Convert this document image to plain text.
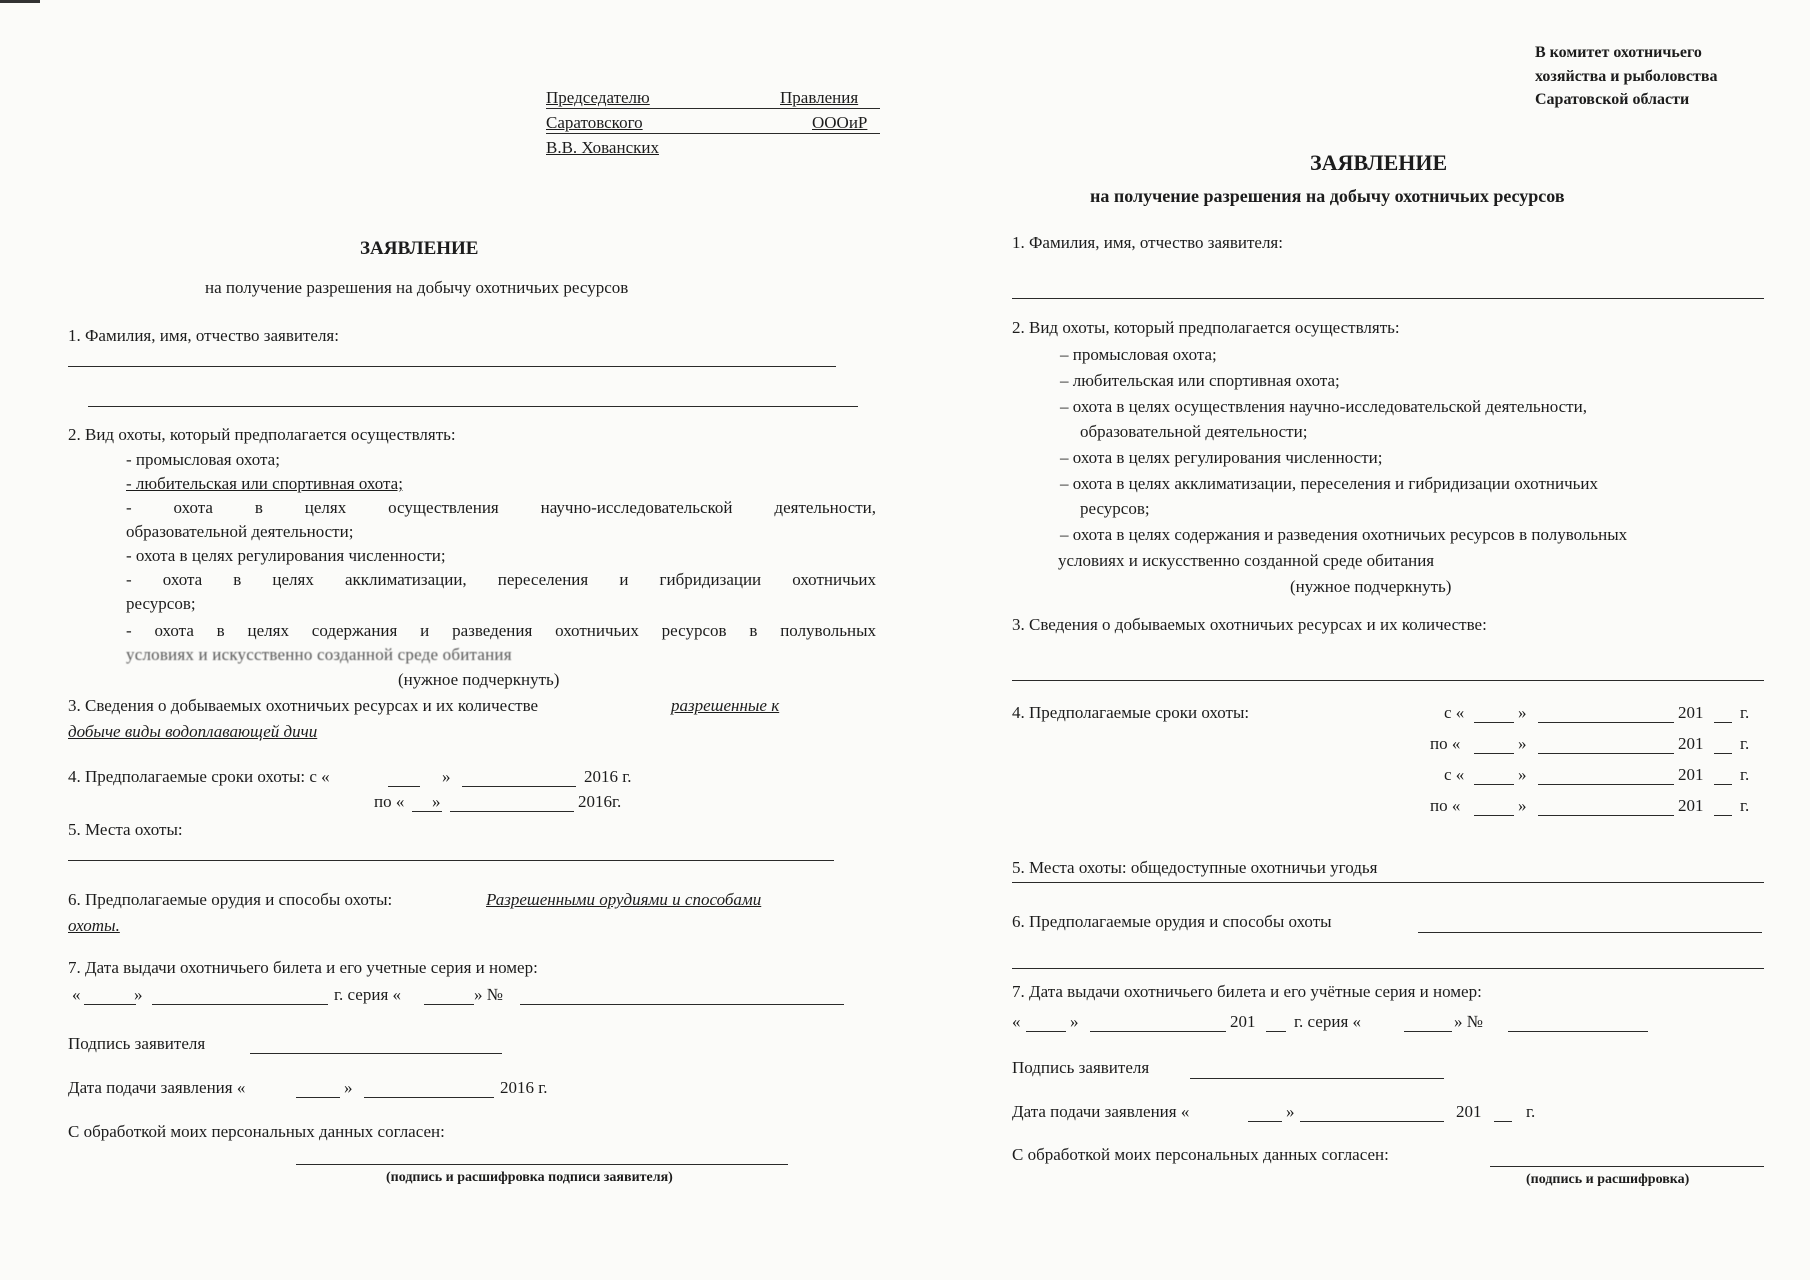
Председателю	Правления
Саратовского	ОООиР
В.В. Хованских
ЗАЯВЛЕНИЕ
на получение разрешения на добычу охотничьих ресурсов
1. Фамилия, имя, отчество заявителя:
2. Вид охоты, который предполагается осуществлять:
- промысловая охота;
- любительская или спортивная охота;
- охота в целях осуществления научно-исследовательской деятельности,
образовательной деятельности;
- охота в целях регулирования численности;
- охота в целях акклиматизации, переселения и гибридизации охотничьих
ресурсов;
- охота в целях содержания и разведения охотничьих ресурсов в полувольных
условиях и искусственно созданной среде обитания
(нужное подчеркнуть)
3. Сведения о добываемых охотничьих ресурсах и их количестве	разрешенные к
добыче виды водоплавающей дичи
4. Предполагаемые сроки охоты: с «	»	2016 г.
по « »	2016г.
5. Места охоты:
6. Предполагаемые орудия и способы охоты:	Разрешенными орудиями и способами
охоты.
7. Дата выдачи охотничьего билета и его учетные серия и номер:
«	»	г. серия «	» №
Подпись заявителя
Дата подачи заявления «	»	2016 г.
С обработкой моих персональных данных согласен:
(подпись и расшифровка подписи заявителя)
В комитет охотничьего
хозяйства и рыболовства
Саратовской области
ЗАЯВЛЕНИЕ
на получение разрешения на добычу охотничьих ресурсов
1. Фамилия, имя, отчество заявителя:
2. Вид охоты, который предполагается осуществлять:
– промысловая охота;
– любительская или спортивная охота;
– охота в целях осуществления научно-исследовательской деятельности,
образовательной деятельности;
– охота в целях регулирования численности;
– охота в целях акклиматизации, переселения и гибридизации охотничьих
ресурсов;
– охота в целях содержания и разведения охотничьих ресурсов в полувольных
условиях и искусственно созданной среде обитания
(нужное подчеркнуть)
3. Сведения о добываемых охотничьих ресурсах и их количестве:
4. Предполагаемые сроки охоты:	с «	»	201 г.
по «	»	201 г.
с «	»	201 г.
по «	»	201 г.
5. Места охоты: общедоступные охотничьи угодья
6. Предполагаемые орудия и способы охоты
7. Дата выдачи охотничьего билета и его учётные серия и номер:
«	»	201 г. серия «	» №
Подпись заявителя
Дата подачи заявления «	»	201	г.
С обработкой моих персональных данных согласен:
(подпись и расшифровка)
